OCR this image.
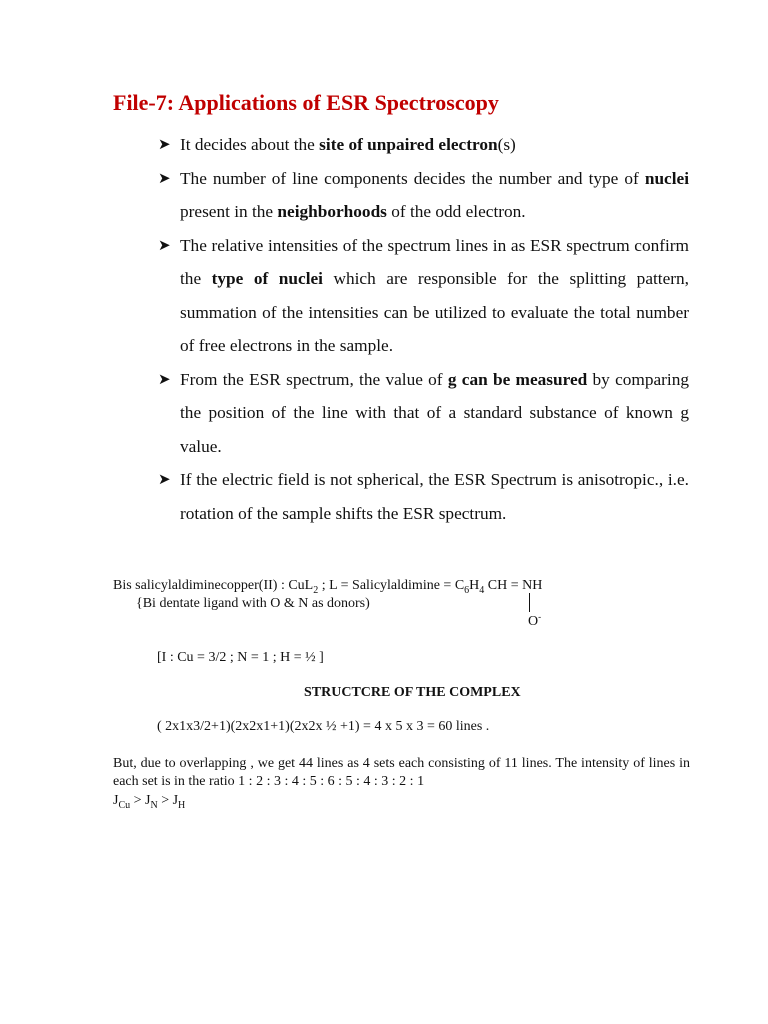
File-7: Applications of ESR Spectroscopy
➤ It decides about the site of unpaired electron(s)
➤ The number of line components decides the number and type of nuclei present in the neighborhoods of the odd electron.
➤ The relative intensities of the spectrum lines in as ESR spectrum confirm the type of nuclei which are responsible for the splitting pattern, summation of the intensities can be utilized to evaluate the total number of free electrons in the sample.
➤ From the ESR spectrum, the value of g can be measured by comparing the position of the line with that of a standard substance of known g value.
➤ If the electric field is not spherical, the ESR Spectrum is anisotropic., i.e. rotation of the sample shifts the ESR spectrum.
Bis salicylaldiminecopper(II) : CuL$_2$ ; L = Salicylaldimine = $C_6H_4$ CH = NH
{Bi dentate ligand with O & N as donors)
O-
[I : Cu = 3/2 ; N = 1 ; H = ½ ]
STRUCTCRE OF THE COMPLEX
( 2x1x3/2+1)(2x2x1+1)(2x2x ½ +1) = 4 x 5 x 3 = 60 lines .
But, due to overlapping , we get 44 lines as 4 sets each consisting of 11 lines. The intensity of lines in each set is in the ratio 1 : 2 : 3 : 4 : 5 : 6 : 5 : 4 : 3 : 2 : 1
$J_{Cu} > J_N > J_H$
